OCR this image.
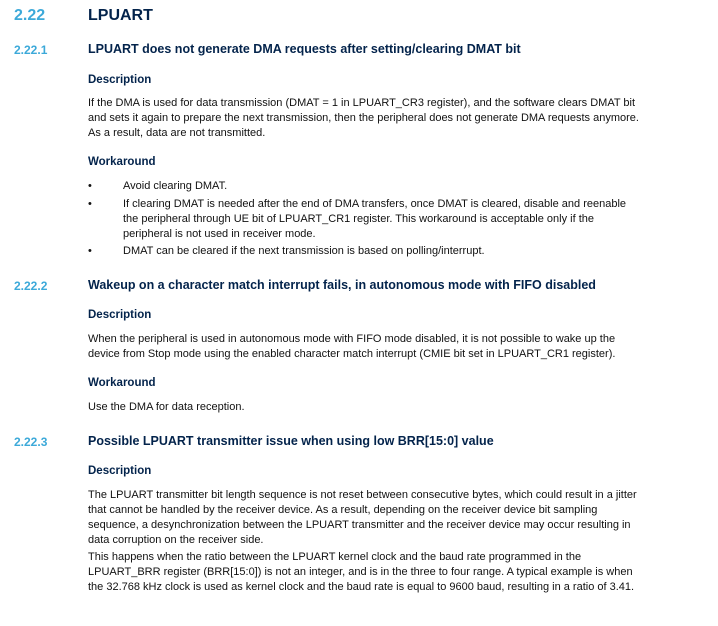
2.22	LPUART
2.22.1	LPUART does not generate DMA requests after setting/clearing DMAT bit
Description
If the DMA is used for data transmission (DMAT = 1 in LPUART_CR3 register), and the software clears DMAT bit
and sets it again to prepare the next transmission, then the peripheral does not generate DMA requests anymore.
As a result, data are not transmitted.
Workaround
•	Avoid clearing DMAT.
•	If clearing DMAT is needed after the end of DMA transfers, once DMAT is cleared, disable and reenable
the peripheral through UE bit of LPUART_CR1 register. This workaround is acceptable only if the
peripheral is not used in receiver mode.
•	DMAT can be cleared if the next transmission is based on polling/interrupt.
2.22.2	Wakeup on a character match interrupt fails, in autonomous mode with FIFO disabled
Description
When the peripheral is used in autonomous mode with FIFO mode disabled, it is not possible to wake up the
device from Stop mode using the enabled character match interrupt (CMIE bit set in LPUART_CR1 register).
Workaround
Use the DMA for data reception.
2.22.3	Possible LPUART transmitter issue when using low BRR[15:0] value
Description
The LPUART transmitter bit length sequence is not reset between consecutive bytes, which could result in a jitter
that cannot be handled by the receiver device. As a result, depending on the receiver device bit sampling
sequence, a desynchronization between the LPUART transmitter and the receiver device may occur resulting in
data corruption on the receiver side.
This happens when the ratio between the LPUART kernel clock and the baud rate programmed in the
LPUART_BRR register (BRR[15:0]) is not an integer, and is in the three to four range. A typical example is when
the 32.768 kHz clock is used as kernel clock and the baud rate is equal to 9600 baud, resulting in a ratio of 3.41.
